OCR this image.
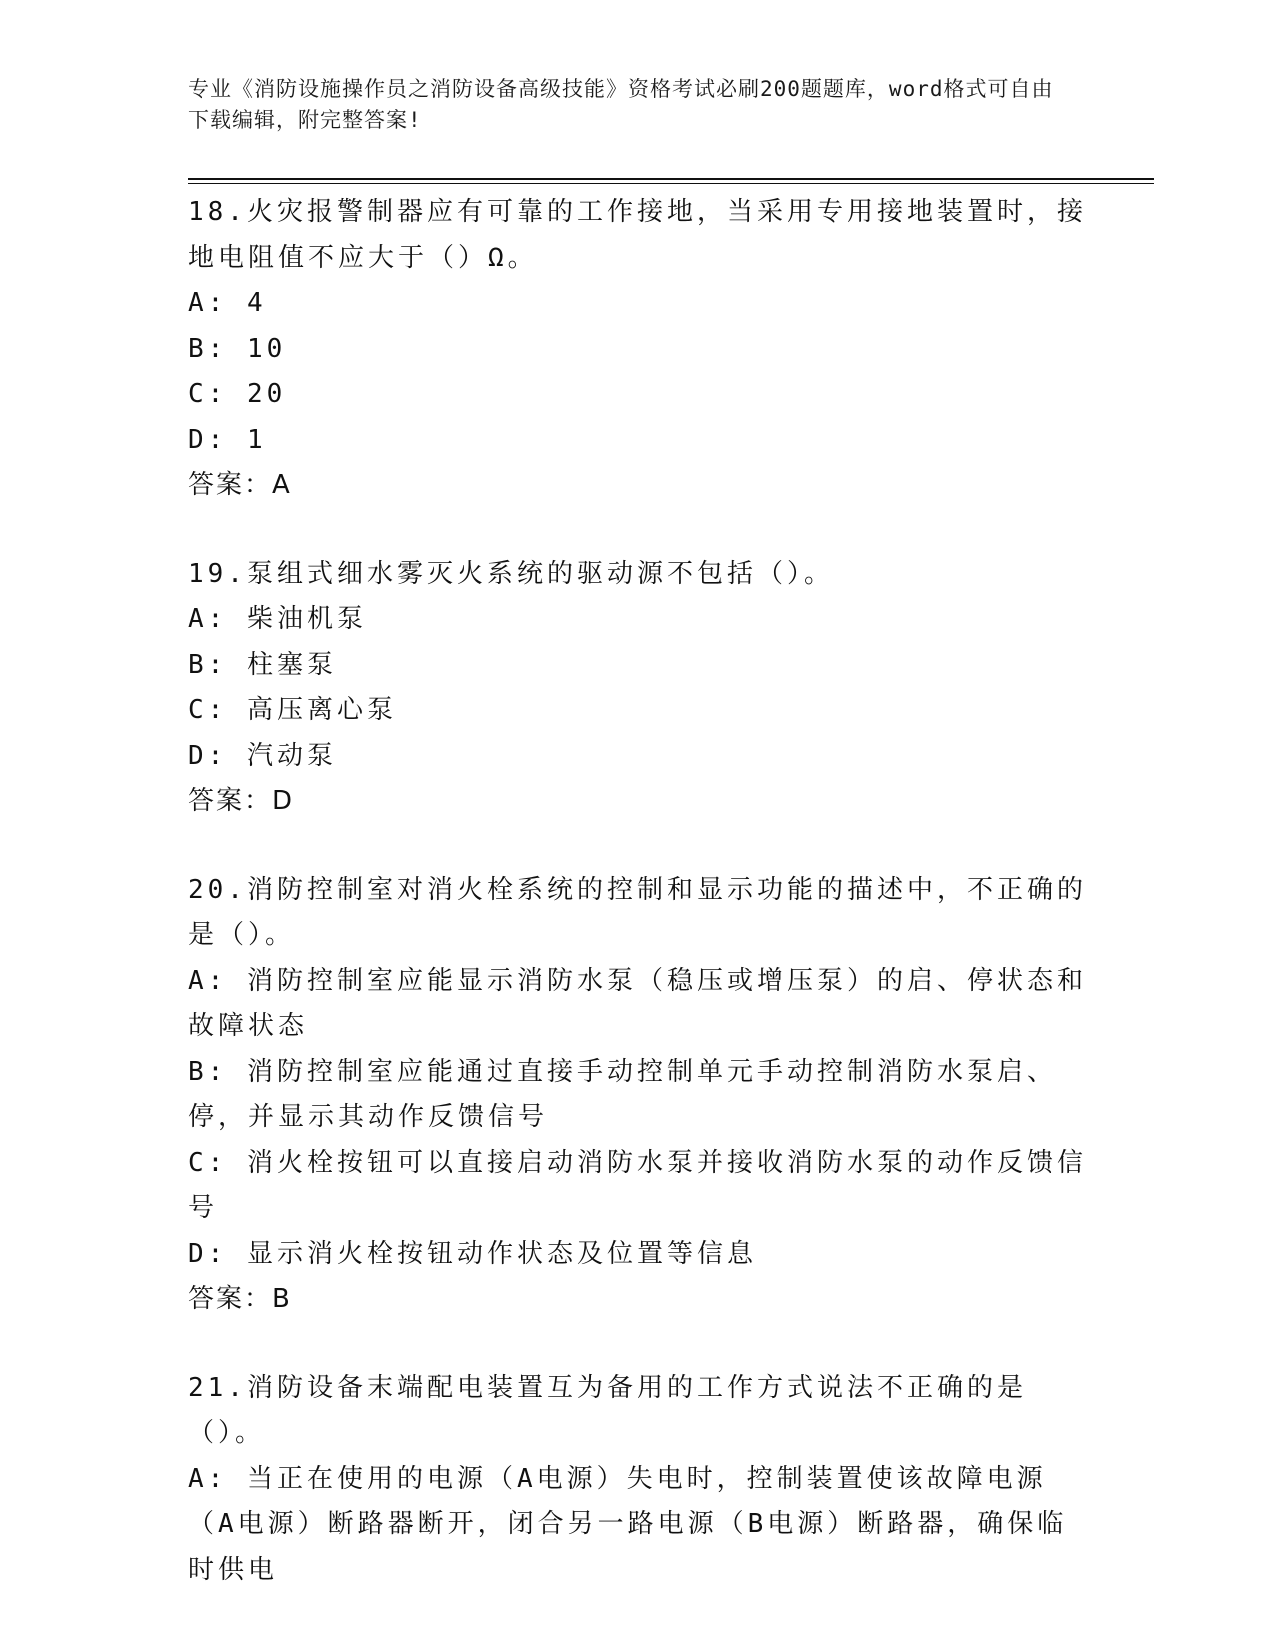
专业《消防设施操作员之消防设备高级技能》资格考试必刷200题题库，word格式可自由下载编辑，附完整答案!
18.火灾报警制器应有可靠的工作接地，当采用专用接地装置时，接地电阻值不应大于（）Ω。
A: 4
B: 10
C: 20
D: 1
答案：A
19.泵组式细水雾灭火系统的驱动源不包括（）。
A: 柴油机泵
B: 柱塞泵
C: 高压离心泵
D: 汽动泵
答案：D
20.消防控制室对消火栓系统的控制和显示功能的描述中，不正确的是（）。
A: 消防控制室应能显示消防水泵（稳压或增压泵）的启、停状态和故障状态
B: 消防控制室应能通过直接手动控制单元手动控制消防水泵启、停，并显示其动作反馈信号
C: 消火栓按钮可以直接启动消防水泵并接收消防水泵的动作反馈信号
D: 显示消火栓按钮动作状态及位置等信息
答案：B
21.消防设备末端配电装置互为备用的工作方式说法不正确的是（）。
A: 当正在使用的电源（A电源）失电时，控制装置使该故障电源（A电源）断路器断开，闭合另一路电源（B电源）断路器，确保临时供电
